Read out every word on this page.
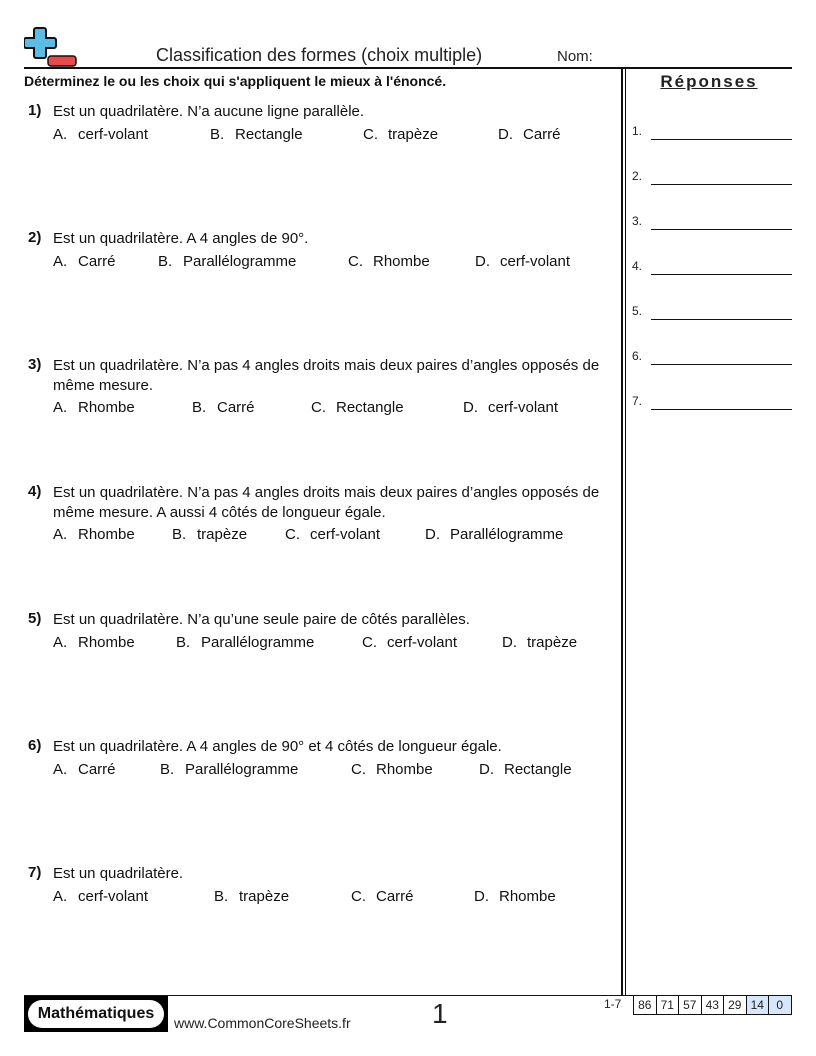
Classification des formes (choix multiple)	Nom:
Déterminez le ou les choix qui s'appliquent le mieux à l'énoncé.	Réponses
1.
2.
3.
4.
5.
6.
7.
1) Est un quadrilatère. N’a aucune ligne parallèle.
A. cerf-volant	B. Rectangle	C. trapèze	D. Carré
2) Est un quadrilatère. A 4 angles de 90°.
A. Carré	B. Parallélogramme	C. Rhombe	D. cerf-volant
3) Est un quadrilatère. N’a pas 4 angles droits mais deux paires d’angles opposés de même mesure.
A. Rhombe	B. Carré	C. Rectangle	D. cerf-volant
4) Est un quadrilatère. N’a pas 4 angles droits mais deux paires d’angles opposés de même mesure. A aussi 4 côtés de longueur égale.
A. Rhombe B. trapèze	C. cerf-volant	D. Parallélogramme
5) Est un quadrilatère. N’a qu’une seule paire de côtés parallèles.
A. Rhombe	B. Parallélogramme	C. cerf-volant	D. trapèze
6) Est un quadrilatère. A 4 angles de 90° et 4 côtés de longueur égale.
A. Carré	B. Parallélogramme	C. Rhombe	D. Rectangle
7) Est un quadrilatère.
A. cerf-volant	B. trapèze	C. Carré	D. Rhombe
Mathématiques
www.CommonCoreSheets.fr	1	1-7	86 71 57 43 29 14	0
